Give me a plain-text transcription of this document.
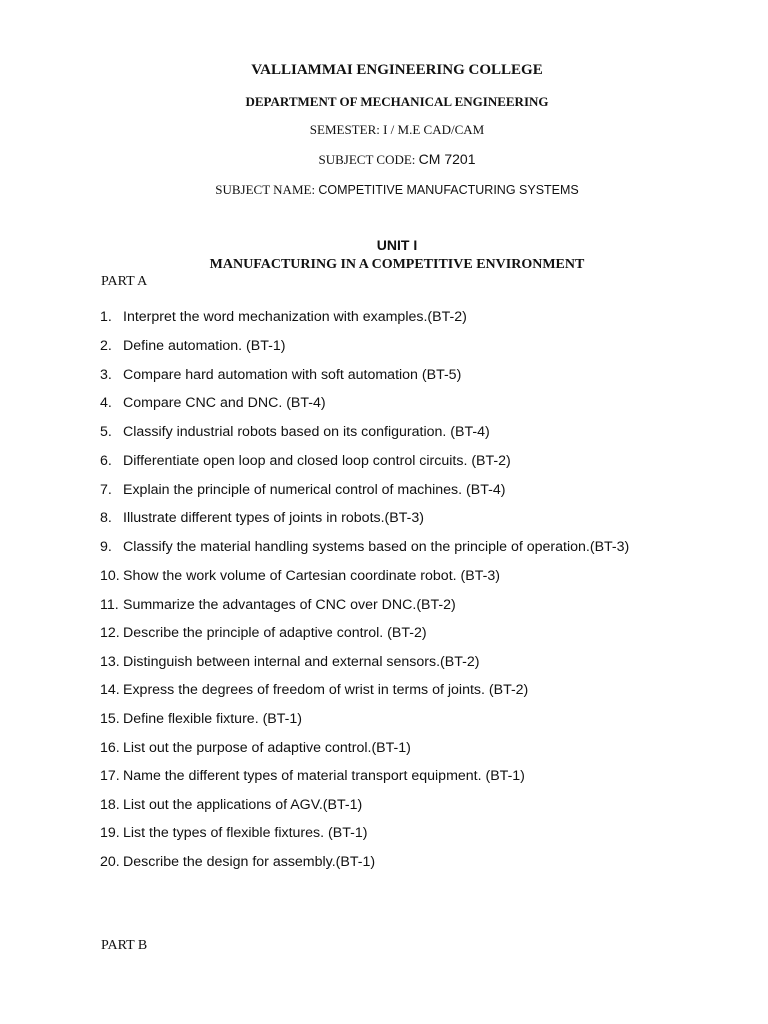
VALLIAMMAI ENGINEERING COLLEGE
DEPARTMENT OF MECHANICAL ENGINEERING
SEMESTER: I / M.E CAD/CAM
SUBJECT CODE: CM 7201
SUBJECT NAME: COMPETITIVE MANUFACTURING SYSTEMS
UNIT I
MANUFACTURING IN A COMPETITIVE ENVIRONMENT
PART A
1. Interpret the word mechanization with examples.(BT-2)
2. Define automation. (BT-1)
3. Compare hard automation with soft automation (BT-5)
4. Compare CNC and DNC. (BT-4)
5. Classify industrial robots based on its configuration. (BT-4)
6. Differentiate open loop and closed loop control circuits. (BT-2)
7. Explain the principle of numerical control of machines. (BT-4)
8. Illustrate different types of joints in robots.(BT-3)
9. Classify the material handling systems based on the principle of operation.(BT-3)
10. Show the work volume of Cartesian coordinate robot. (BT-3)
11. Summarize the advantages of CNC over DNC.(BT-2)
12. Describe the principle of adaptive control. (BT-2)
13. Distinguish between internal and external sensors.(BT-2)
14. Express the degrees of freedom of wrist in terms of joints. (BT-2)
15. Define flexible fixture. (BT-1)
16. List out the purpose of adaptive control.(BT-1)
17. Name the different types of material transport equipment. (BT-1)
18. List out the applications of AGV.(BT-1)
19. List the types of flexible fixtures. (BT-1)
20. Describe the design for assembly.(BT-1)
PART B
